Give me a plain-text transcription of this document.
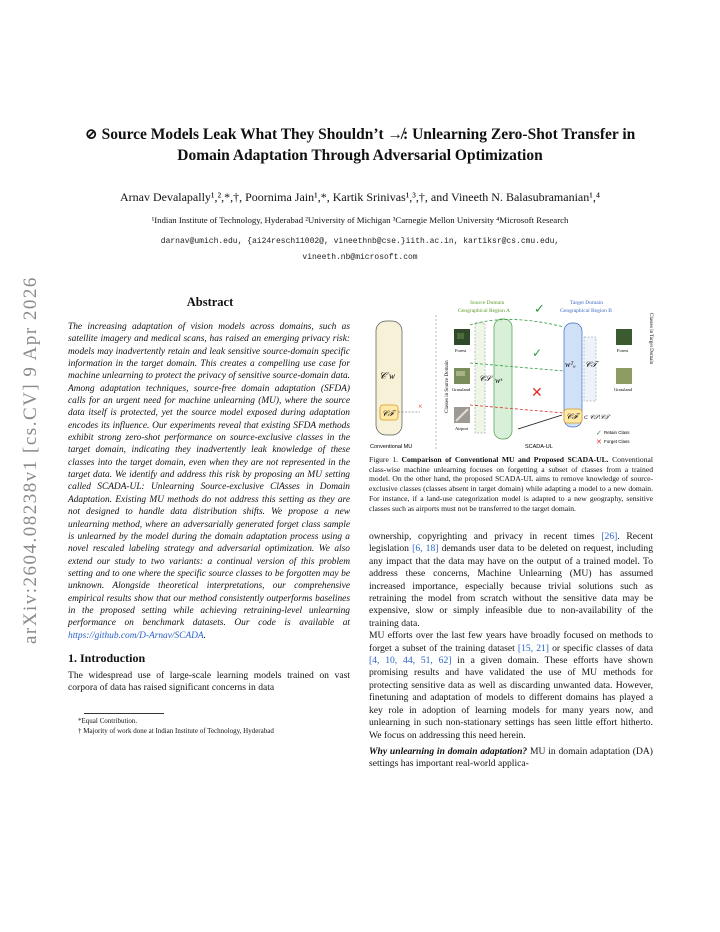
arXiv:2604.08238v1 [cs.CV] 9 Apr 2026
⊘ Source Models Leak What They Shouldn’t ↛: Unlearning Zero-Shot Transfer in Domain Adaptation Through Adversarial Optimization
Arnav Devalapally¹,²,*,†, Poornima Jain¹,*, Kartik Srinivas¹,³,†, and Vineeth N. Balasubramanian¹,⁴
¹Indian Institute of Technology, Hyderabad ²University of Michigan ³Carnegie Mellon University ⁴Microsoft Research
darnav@umich.edu, {ai24resch11002@, vineethnb@cse.}iith.ac.in, kartiksr@cs.cmu.edu,
vineeth.nb@microsoft.com
Abstract
The increasing adaptation of vision models across domains, such as satellite imagery and medical scans, has raised an emerging privacy risk: models may inadvertently retain and leak sensitive source-domain specific information in the target domain. This creates a compelling use case for machine unlearning to protect the privacy of sensitive source-domain data. Among adaptation techniques, source-free domain adaptation (SFDA) calls for an urgent need for machine unlearning (MU), where the source data itself is protected, yet the source model exposed during adaptation encodes its influence. Our experiments reveal that existing SFDA methods exhibit strong zero-shot performance on source-exclusive classes in the target domain, indicating they inadvertently leak knowledge of these classes into the target domain, even when they are not represented in the target data. We identify and address this risk by proposing an MU setting called SCADA-UL: Unlearning Source-exclusive ClAsses in Domain Adaptation. Existing MU methods do not address this setting as they are not designed to handle data distribution shifts. We propose a new unlearning method, where an adversarially generated forget class sample is unlearned by the model during the domain adaptation process using a novel rescaled labeling strategy and adversarial optimization. We also extend our study to two variants: a continual version of this problem setting and to one where the specific source classes to be forgotten may be unknown. Alongside theoretical interpretations, our comprehensive empirical results show that our method consistently outperforms baselines in the proposed setting while achieving retraining-level unlearning performance on benchmark datasets. Our code is available at https://github.com/D-Arnav/SCADA.
1. Introduction
The widespread use of large-scale learning models trained on vast corpora of data has raised significant concerns in data
*Equal Contribution.
† Majority of work done at Indian Institute of Technology, Hyderabad
𝒞 w
𝒞ℱ
×
Conventional MU
Source Domain
Geographical Region A
Target Domain
Geographical Region B
✓
Classes in Source Domain
Classes in Target Domain
Forest
Grassland
Airport
𝒞𝒮 wˢ
✓
✕
wᵀᵤ 𝒞𝒯
Forest
Grassland
𝒞ℱ ⊂ 𝒞𝒮\𝒞𝒯
SCADA-UL
✓ Retain Class
✕ Forget Class
Figure 1. Comparison of Conventional MU and Proposed SCADA-UL. Conventional class-wise machine unlearning focuses on forgetting a subset of classes from a trained model. On the other hand, the proposed SCADA-UL aims to remove knowledge of source-exclusive classes (classes absent in target domain) while adapting a model to a new domain. For instance, if a land-use categorization model is adapted to a new geography, sensitive classes such as airports must not be transferred to the target domain.

ownership, copyrighting and privacy in recent times [26]. Recent legislation [6, 18] demands user data to be deleted on request, including any impact that the data may have on the output of a trained model. To address these concerns, Machine Unlearning (MU) has assumed increased importance, especially because trivial solutions such as retraining the model from scratch without the sensitive data may be expensive, slow or simply infeasible due to non-availability of the training data.

MU efforts over the last few years have broadly focused on methods to forget a subset of the training dataset [15, 21] or specific classes of data [4, 10, 44, 51, 62] in a given domain. These efforts have shown promising results and have validated the use of MU methods for protecting sensitive data as well as discarding unwanted data. However, finetuning and adaptation of models to different domains has played a key role in adoption of learning models for many years now, and unlearning in such non-stationary settings has seen little effort hitherto. We focus on addressing this need herein.

Why unlearning in domain adaptation? MU in domain adaptation (DA) settings has important real-world applica-
